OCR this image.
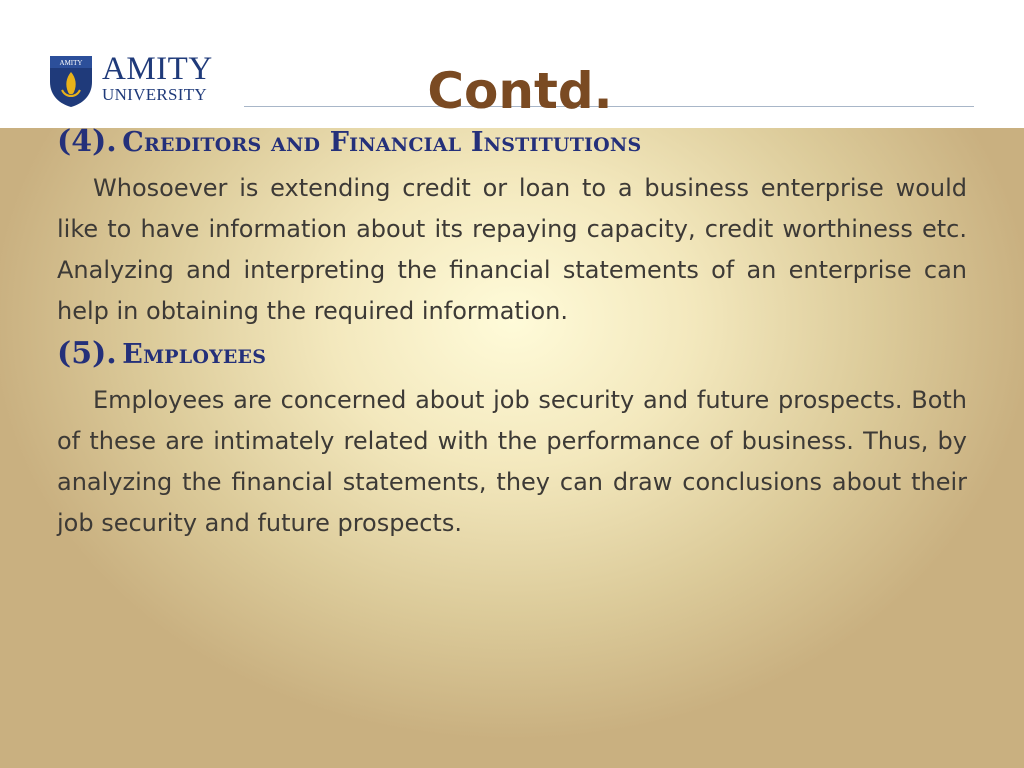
AMITY AMITY
UNIVERSITY	Contd.

(4). Creditors and Financial Institutions

Whosoever is extending credit or loan to a business enterprise would like to have information about its repaying capacity, credit worthiness etc. Analyzing and interpreting the financial statements of an enterprise can help in obtaining the required information.

(5). Employees

Employees are concerned about job security and future prospects. Both of these are intimately related with the performance of business. Thus, by analyzing the financial statements, they can draw conclusions about their job security and future prospects.
